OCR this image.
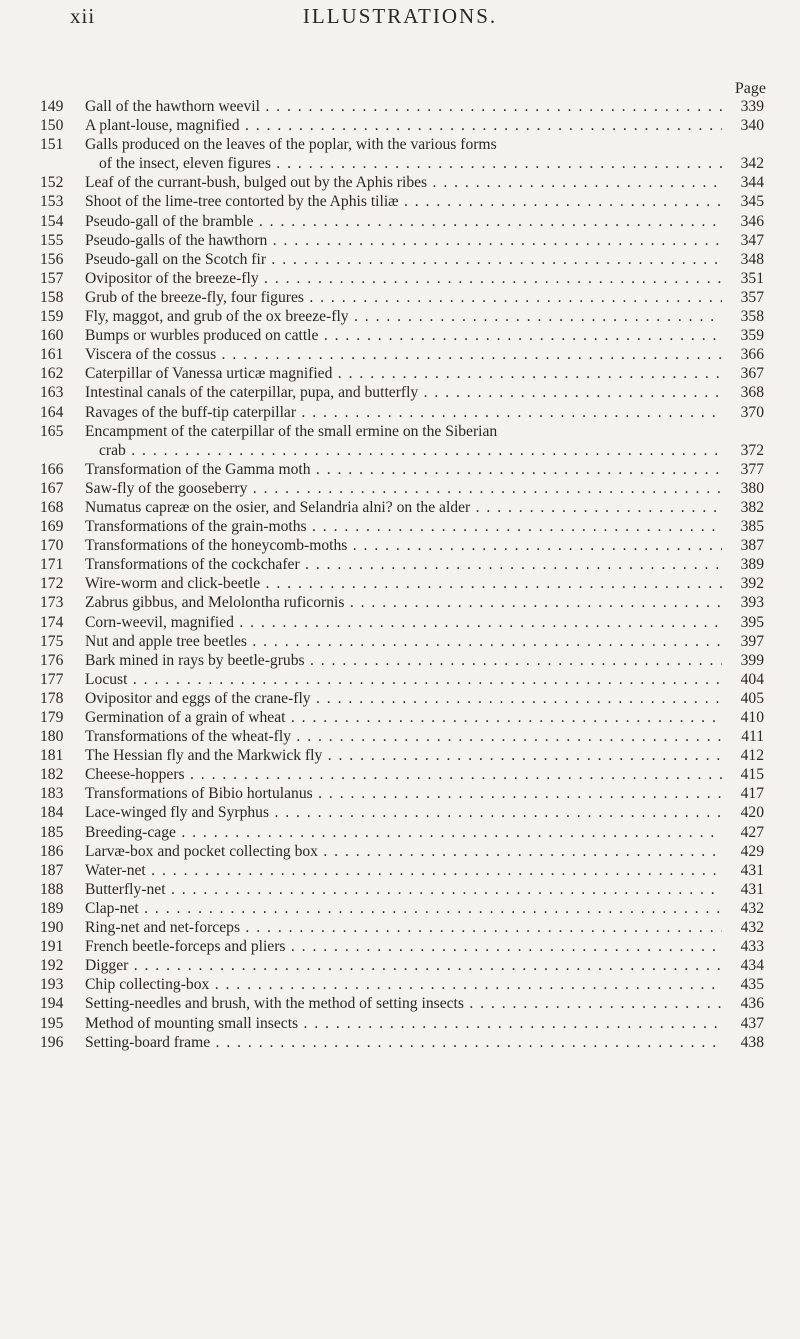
xii	ILLUSTRATIONS.
Page
149	Gall of the hawthorn weevil . .	339
150	A plant-louse, magnified . .	340
151	Galls produced on the leaves of the poplar, with the various forms
of the insect, eleven figures . .	342
152	Leaf of the currant-bush, bulged out by the Aphis ribes . .	344
153	Shoot of the lime-tree contorted by the Aphis tiliæ . .	345
154	Pseudo-gall of the bramble . .	346
155	Pseudo-galls of the hawthorn . .	347
156	Pseudo-gall on the Scotch fir . .	348
157	Ovipositor of the breeze-fly . .	351
158	Grub of the breeze-fly, four figures . .	357
159	Fly, maggot, and grub of the ox breeze-fly . .	358
160	Bumps or wurbles produced on cattle . .	359
161	Viscera of the cossus . .	366
162	Caterpillar of Vanessa urticæ magnified . .	367
163	Intestinal canals of the caterpillar, pupa, and butterfly . .	368
164	Ravages of the buff-tip caterpillar . .	370
165	Encampment of the caterpillar of the small ermine on the Siberian
crab . .	372
166	Transformation of the Gamma moth . .	377
167	Saw-fly of the gooseberry . .	380
168	Numatus capreæ on the osier, and Selandria alni? on the alder . .	382
169	Transformations of the grain-moths . .	385
170	Transformations of the honeycomb-moths . .	387
171	Transformations of the cockchafer . .	389
172	Wire-worm and click-beetle . .	392
173	Zabrus gibbus, and Melolontha ruficornis . .	393
174	Corn-weevil, magnified . .	395
175	Nut and apple tree beetles . .	397
176	Bark mined in rays by beetle-grubs . .	399
177	Locust . .	404
178	Ovipositor and eggs of the crane-fly . .	405
179	Germination of a grain of wheat . .	410
180	Transformations of the wheat-fly . .	411
181	The Hessian fly and the Markwick fly . .	412
182	Cheese-hoppers . .	415
183	Transformations of Bibio hortulanus . .	417
184	Lace-winged fly and Syrphus . .	420
185	Breeding-cage . .	427
186	Larvæ-box and pocket collecting box . .	429
187	Water-net . .	431
188	Butterfly-net . .	431
189	Clap-net . .	432
190	Ring-net and net-forceps . .	432
191	French beetle-forceps and pliers . .	433
192	Digger . .	434
193	Chip collecting-box . .	435
194	Setting-needles and brush, with the method of setting insects . .	436
195	Method of mounting small insects . .	437
196	Setting-board frame . .	438
